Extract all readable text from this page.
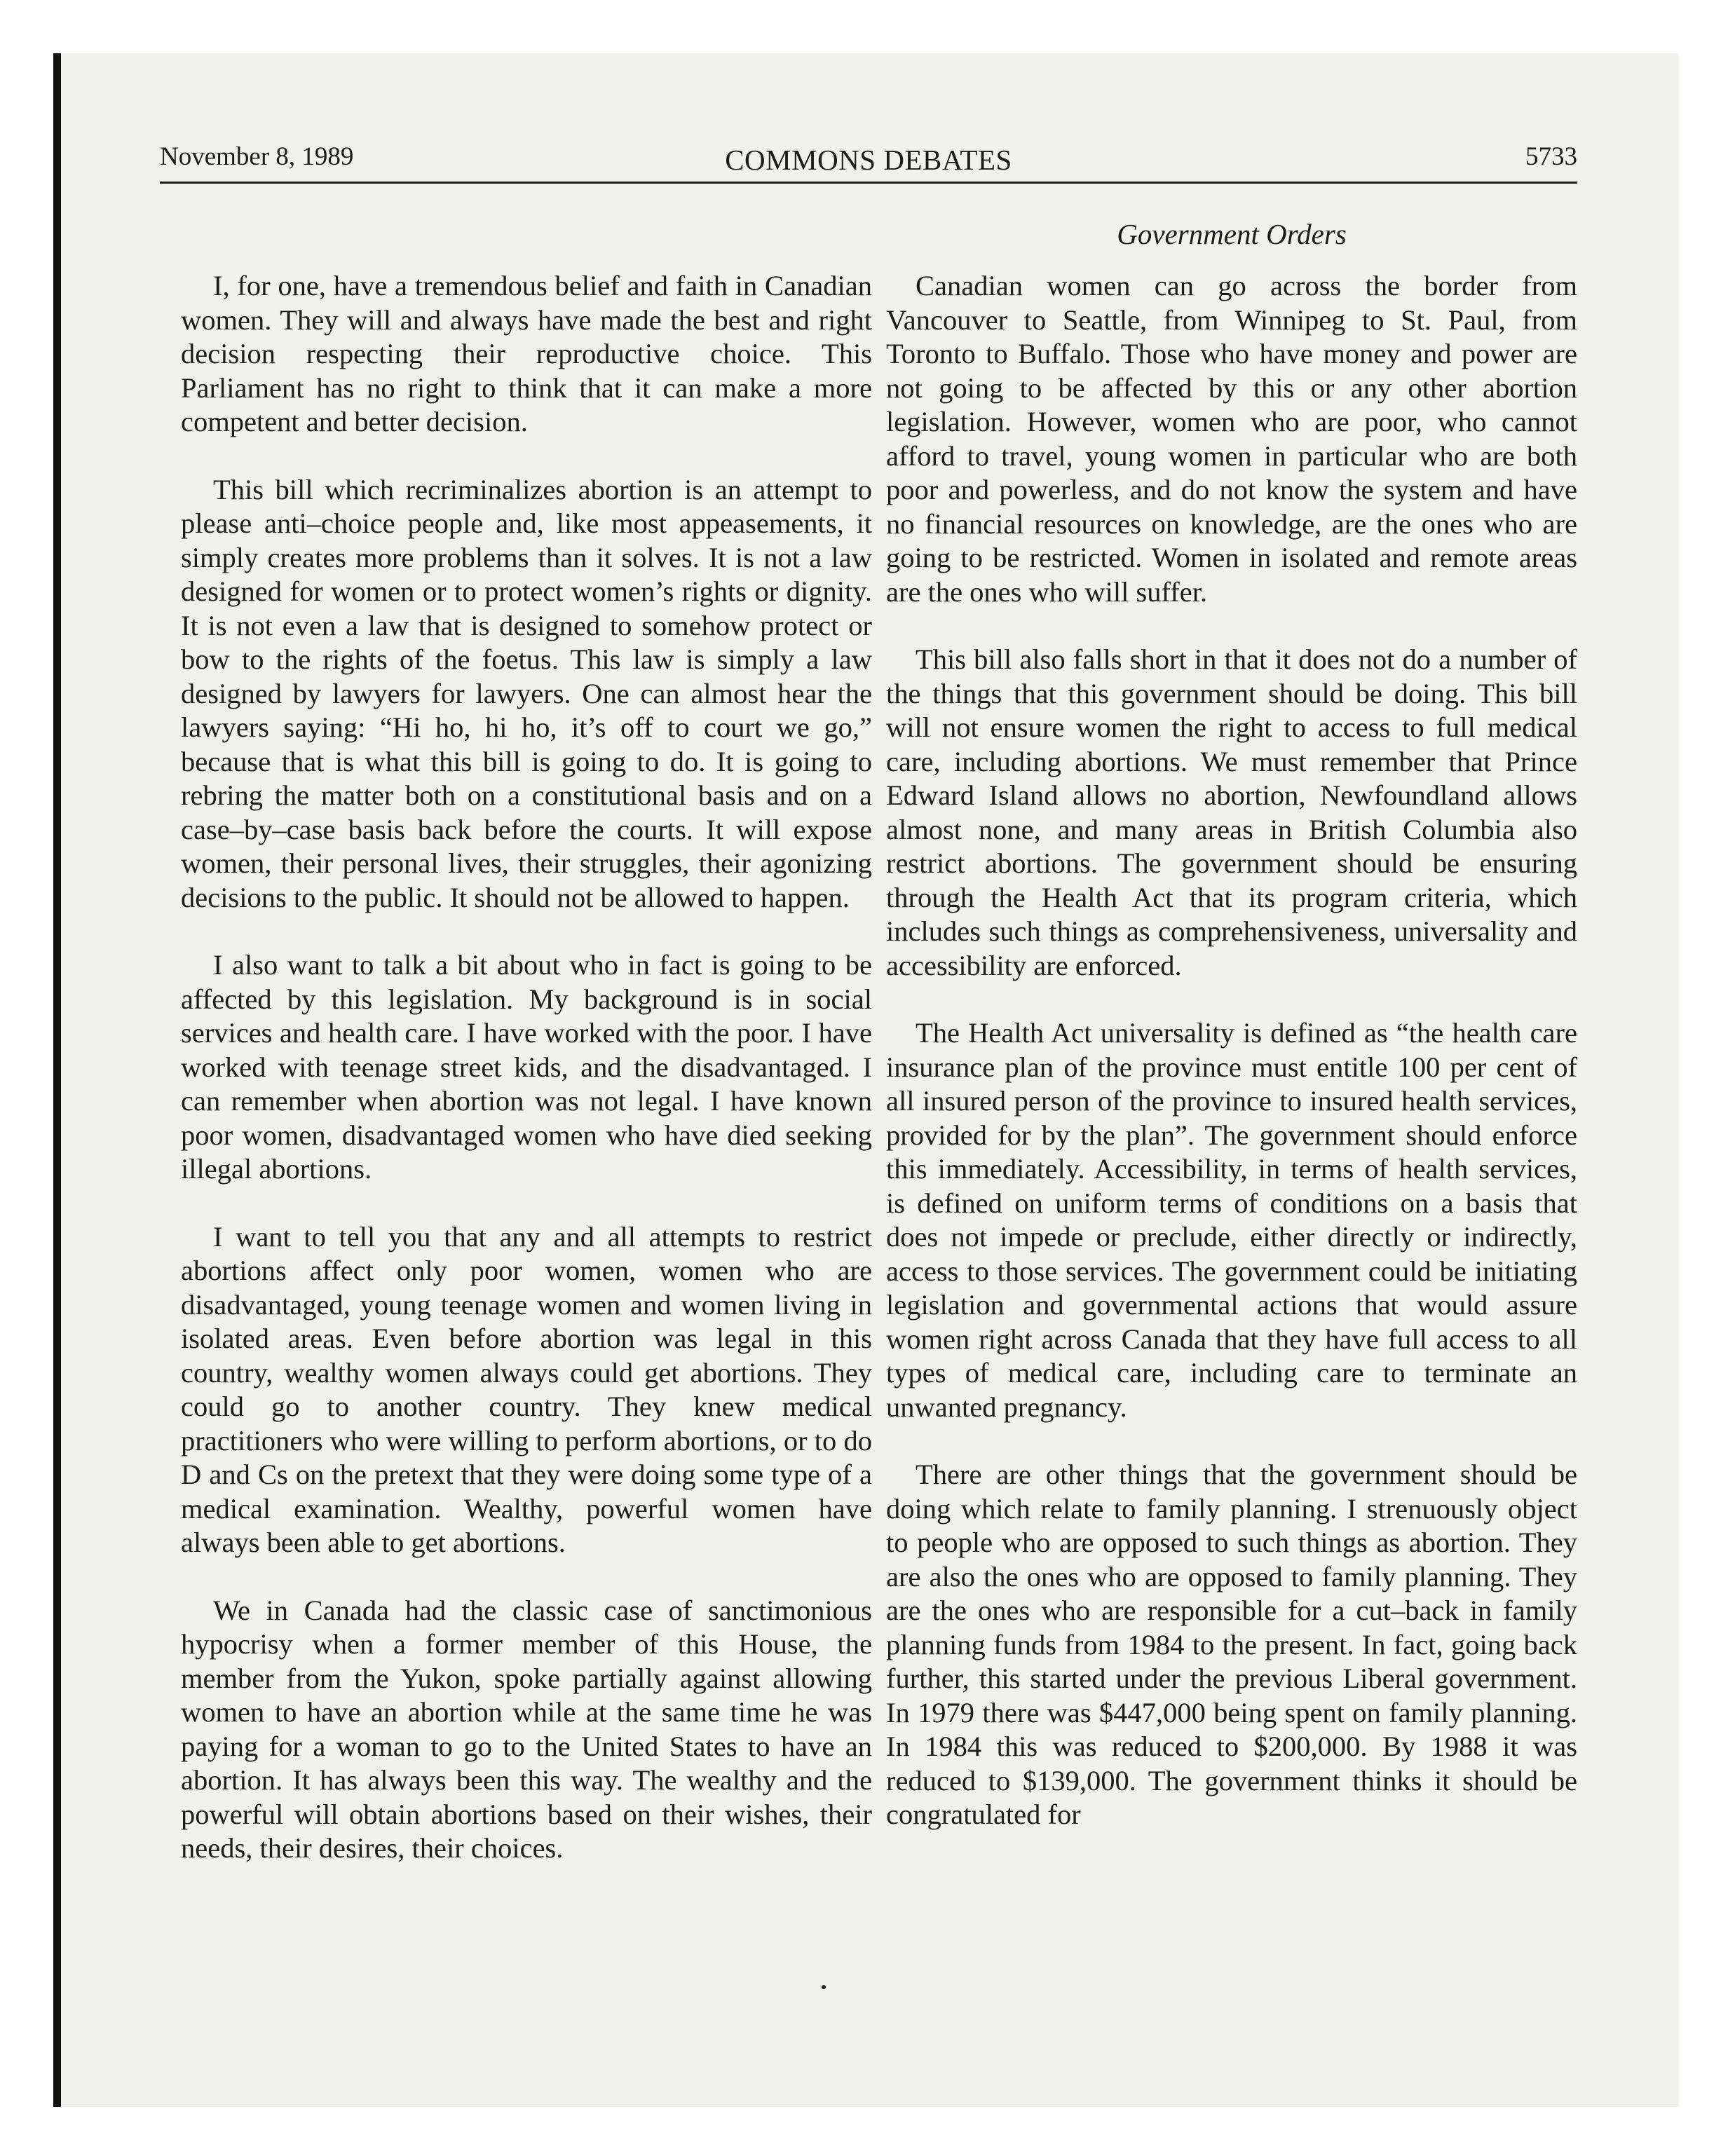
November 8, 1989	COMMONS DEBATES	5733
Government Orders

I, for one, have a tremendous belief and faith in Canadian women. They will and always have made the best and right decision respecting their reproductive choice. This Parliament has no right to think that it can make a more competent and better decision.

This bill which recriminalizes abortion is an attempt to please anti–choice people and, like most appeasements, it simply creates more problems than it solves. It is not a law designed for women or to protect women’s rights or dignity. It is not even a law that is designed to somehow protect or bow to the rights of the foetus. This law is simply a law designed by lawyers for lawyers. One can almost hear the lawyers saying: “Hi ho, hi ho, it’s off to court we go,” because that is what this bill is going to do. It is going to rebring the matter both on a constitutional basis and on a case–by–case basis back before the courts. It will expose women, their personal lives, their struggles, their agonizing decisions to the public. It should not be allowed to happen.

I also want to talk a bit about who in fact is going to be affected by this legislation. My background is in social services and health care. I have worked with the poor. I have worked with teenage street kids, and the disadvantaged. I can remember when abortion was not legal. I have known poor women, disadvantaged women who have died seeking illegal abortions.

I want to tell you that any and all attempts to restrict abortions affect only poor women, women who are disadvantaged, young teenage women and women living in isolated areas. Even before abortion was legal in this country, wealthy women always could get abortions. They could go to another country. They knew medical practitioners who were willing to perform abortions, or to do D and Cs on the pretext that they were doing some type of a medical examination. Wealthy, powerful women have always been able to get abortions.

We in Canada had the classic case of sanctimonious hypocrisy when a former member of this House, the member from the Yukon, spoke partially against allowing women to have an abortion while at the same time he was paying for a woman to go to the United States to have an abortion. It has always been this way. The wealthy and the powerful will obtain abortions based on their wishes, their needs, their desires, their choices.

Canadian women can go across the border from Vancouver to Seattle, from Winnipeg to St. Paul, from Toronto to Buffalo. Those who have money and power are not going to be affected by this or any other abortion legislation. However, women who are poor, who cannot afford to travel, young women in particular who are both poor and powerless, and do not know the system and have no financial resources on knowledge, are the ones who are going to be restricted. Women in isolated and remote areas are the ones who will suffer.

This bill also falls short in that it does not do a number of the things that this government should be doing. This bill will not ensure women the right to access to full medical care, including abortions. We must remember that Prince Edward Island allows no abortion, Newfoundland allows almost none, and many areas in British Columbia also restrict abortions. The government should be ensuring through the Health Act that its program criteria, which includes such things as comprehensiveness, universality and accessibility are enforced.

The Health Act universality is defined as “the health care insurance plan of the province must entitle 100 per cent of all insured person of the province to insured health services, provided for by the plan”. The government should enforce this immediately. Accessibility, in terms of health services, is defined on uniform terms of conditions on a basis that does not impede or preclude, either directly or indirectly, access to those services. The government could be initiating legislation and governmental actions that would assure women right across Canada that they have full access to all types of medical care, including care to terminate an unwanted pregnancy.

There are other things that the government should be doing which relate to family planning. I strenuously object to people who are opposed to such things as abortion. They are also the ones who are opposed to family planning. They are the ones who are responsible for a cut–back in family planning funds from 1984 to the present. In fact, going back further, this started under the previous Liberal government. In 1979 there was $447,000 being spent on family planning. In 1984 this was reduced to $200,000. By 1988 it was reduced to $139,000. The government thinks it should be congratulated for
